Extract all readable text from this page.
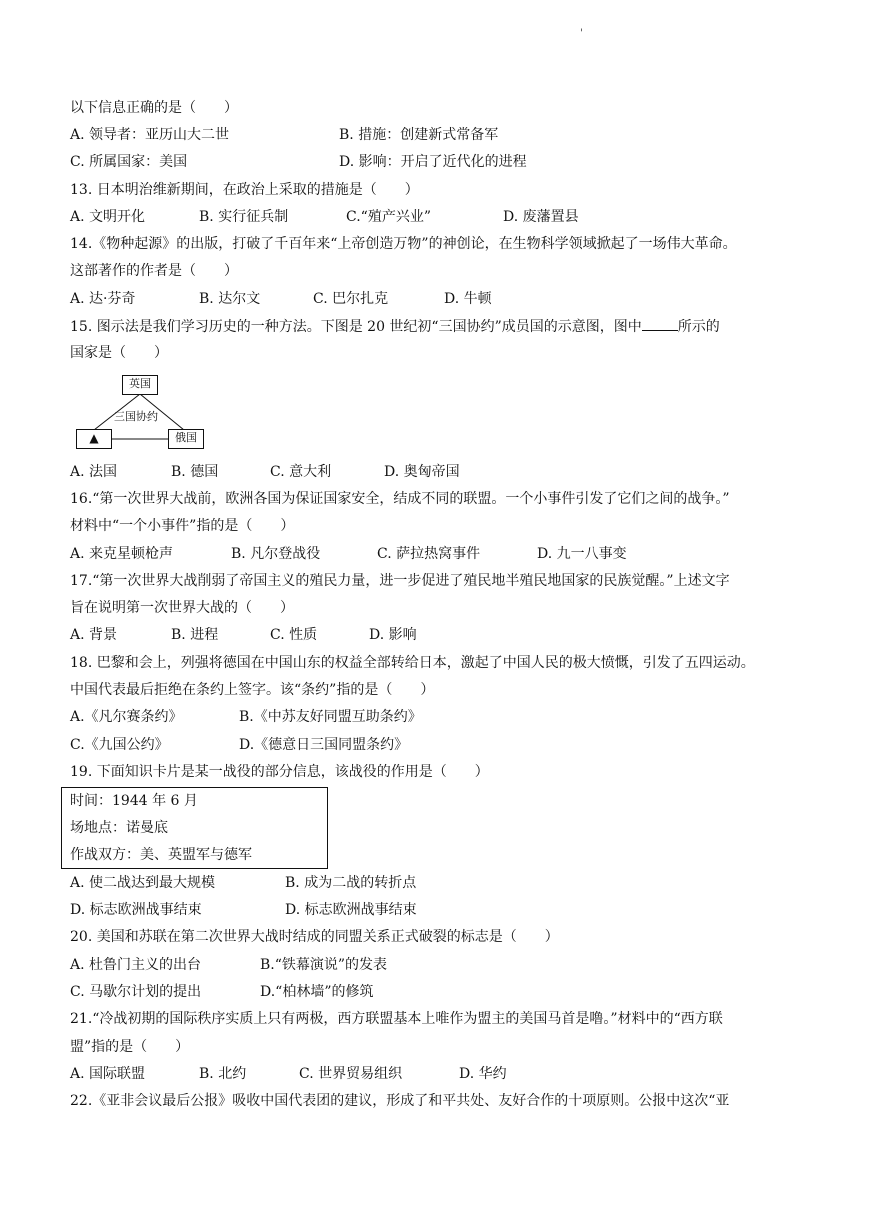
'
以下信息正确的是（　　）
A. 领导者：亚历山大二世	B. 措施：创建新式常备军
C. 所属国家：美国	D. 影响：开启了近代化的进程
13. 日本明治维新期间，在政治上采取的措施是（　　）
A. 文明开化	B. 实行征兵制	C.“殖产兴业”	D. 废藩置县
14.《物种起源》的出版，打破了千百年来“上帝创造万物”的神创论，在生物科学领域掀起了一场伟大革命。
这部著作的作者是（　　）
A. 达·芬奇	B. 达尔文	C. 巴尔扎克	D. 牛顿
15. 图示法是我们学习历史的一种方法。下图是 20 世纪初“三国协约”成员国的示意图，图中	所示的
国家是（　　）
英国
三国协约
▲	俄国
A. 法国	B. 德国	C. 意大利	D. 奥匈帝国
16.“第一次世界大战前，欧洲各国为保证国家安全，结成不同的联盟。一个小事件引发了它们之间的战争。”
材料中“一个小事件”指的是（　　）
A. 来克星顿枪声	B. 凡尔登战役	C. 萨拉热窝事件	D. 九一八事变
17.“第一次世界大战削弱了帝国主义的殖民力量，进一步促进了殖民地半殖民地国家的民族觉醒。”上述文字
旨在说明第一次世界大战的（　　）
A. 背景	B. 进程	C. 性质	D. 影响
18. 巴黎和会上，列强将德国在中国山东的权益全部转给日本，激起了中国人民的极大愤慨，引发了五四运动。
中国代表最后拒绝在条约上签字。该“条约”指的是（　　）
A.《凡尔赛条约》	B.《中苏友好同盟互助条约》
C.《九国公约》	D.《德意日三国同盟条约》
19. 下面知识卡片是某一战役的部分信息，该战役的作用是（　　）
时间：1944 年 6 月
场地点：诺曼底
作战双方：美、英盟军与德军
A. 使二战达到最大规模	B. 成为二战的转折点
D. 标志欧洲战事结束	D. 标志欧洲战事结束
20. 美国和苏联在第二次世界大战时结成的同盟关系正式破裂的标志是（　　）
A. 杜鲁门主义的出台	B.“铁幕演说”的发表
C. 马歇尔计划的提出	D.“柏林墙”的修筑
21.“冷战初期的国际秩序实质上只有两极，西方联盟基本上唯作为盟主的美国马首是噜。”材料中的“西方联
盟”指的是（　　）
A. 国际联盟	B. 北约	C. 世界贸易组织	D. 华约
22.《亚非会议最后公报》吸收中国代表团的建议，形成了和平共处、友好合作的十项原则。公报中这次“亚
